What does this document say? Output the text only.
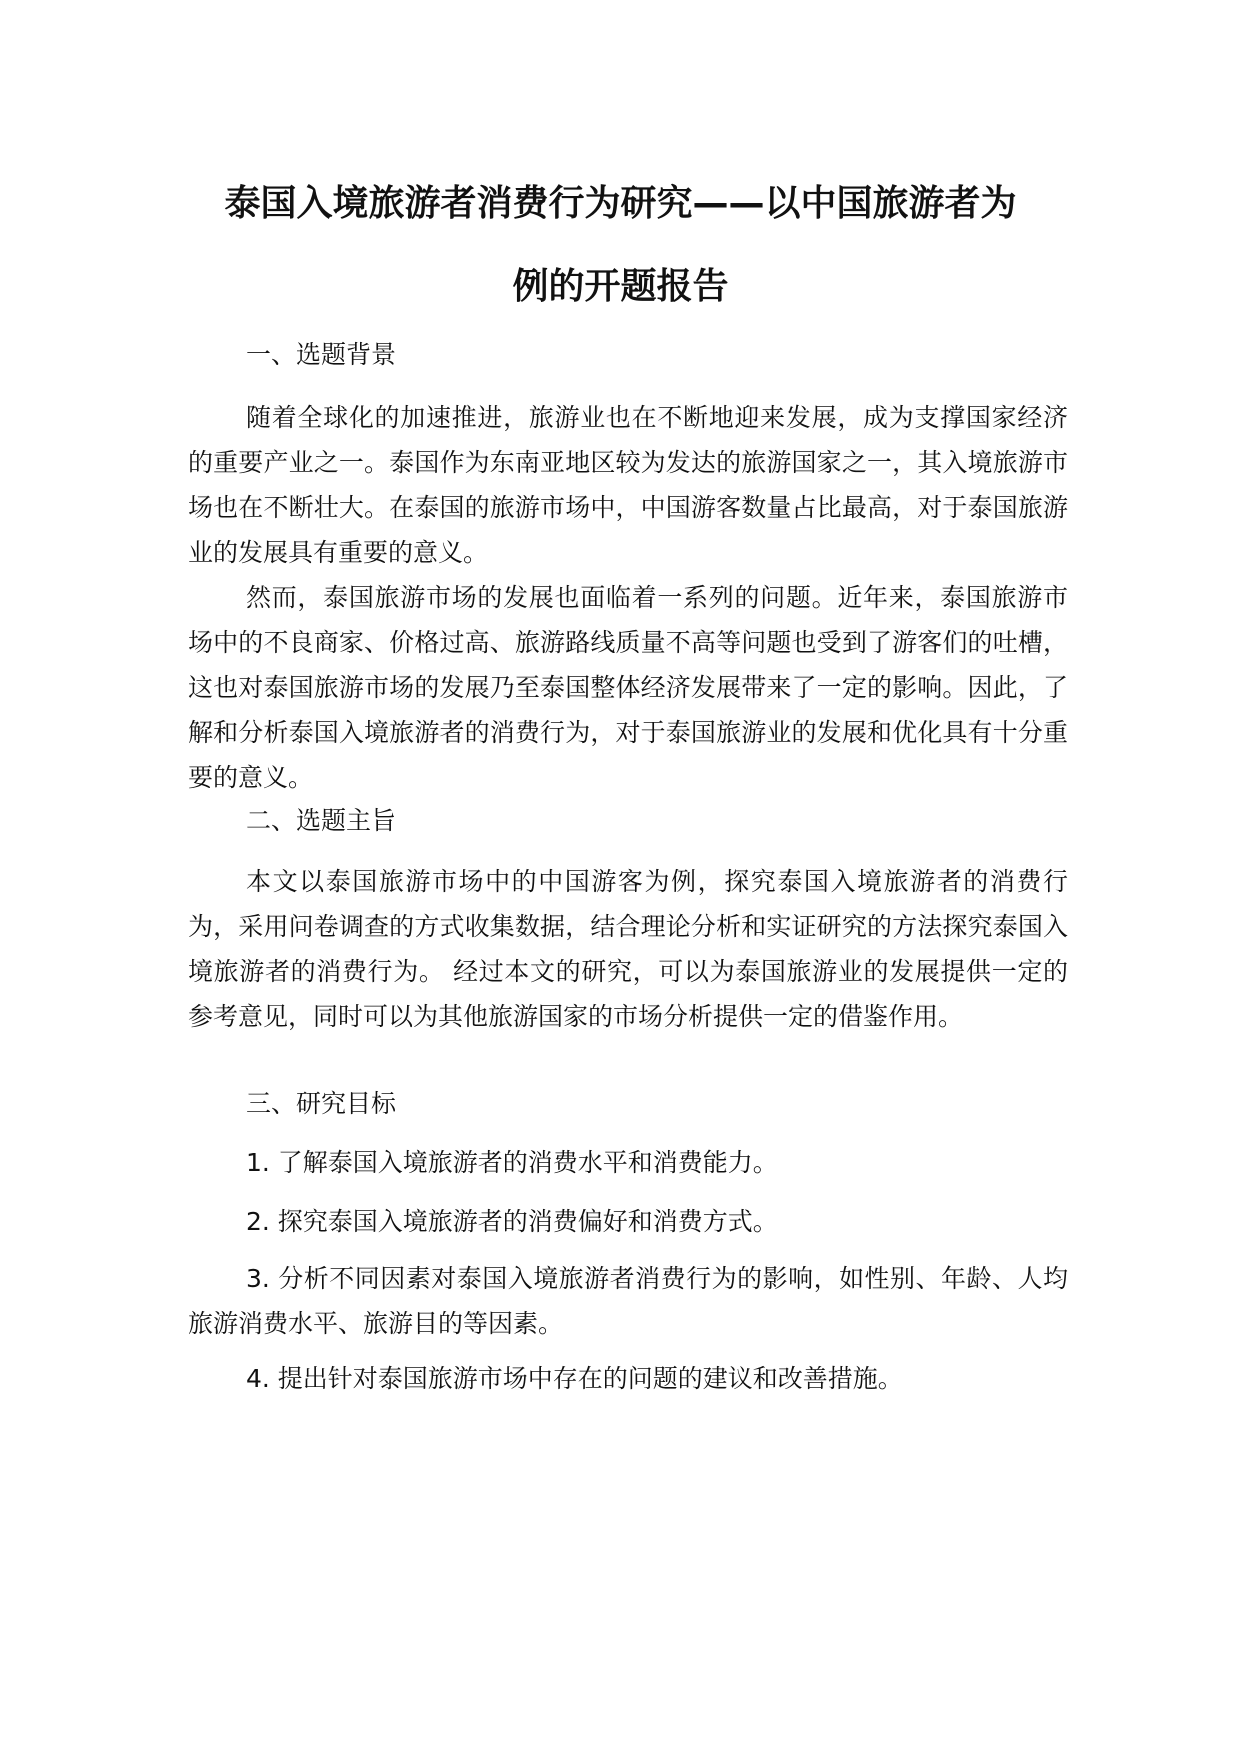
泰国入境旅游者消费行为研究——以中国旅游者为
例的开题报告

一、选题背景

随着全球化的加速推进，旅游业也在不断地迎来发展，成为支撑国家经济的重要产业之一。泰国作为东南亚地区较为发达的旅游国家之一，其入境旅游市场也在不断壮大。在泰国的旅游市场中，中国游客数量占比最高，对于泰国旅游业的发展具有重要的意义。

然而，泰国旅游市场的发展也面临着一系列的问题。近年来，泰国旅游市场中的不良商家、价格过高、旅游路线质量不高等问题也受到了游客们的吐槽，这也对泰国旅游市场的发展乃至泰国整体经济发展带来了一定的影响。因此，了解和分析泰国入境旅游者的消费行为，对于泰国旅游业的发展和优化具有十分重要的意义。

二、选题主旨

本文以泰国旅游市场中的中国游客为例，探究泰国入境旅游者的消费行为，采用问卷调查的方式收集数据，结合理论分析和实证研究的方法探究泰国入境旅游者的消费行为。 经过本文的研究，可以为泰国旅游业的发展提供一定的参考意见，同时可以为其他旅游国家的市场分析提供一定的借鉴作用。

三、研究目标

1. 了解泰国入境旅游者的消费水平和消费能力。

2. 探究泰国入境旅游者的消费偏好和消费方式。

3. 分析不同因素对泰国入境旅游者消费行为的影响，如性别、年龄、人均旅游消费水平、旅游目的等因素。

4. 提出针对泰国旅游市场中存在的问题的建议和改善措施。
